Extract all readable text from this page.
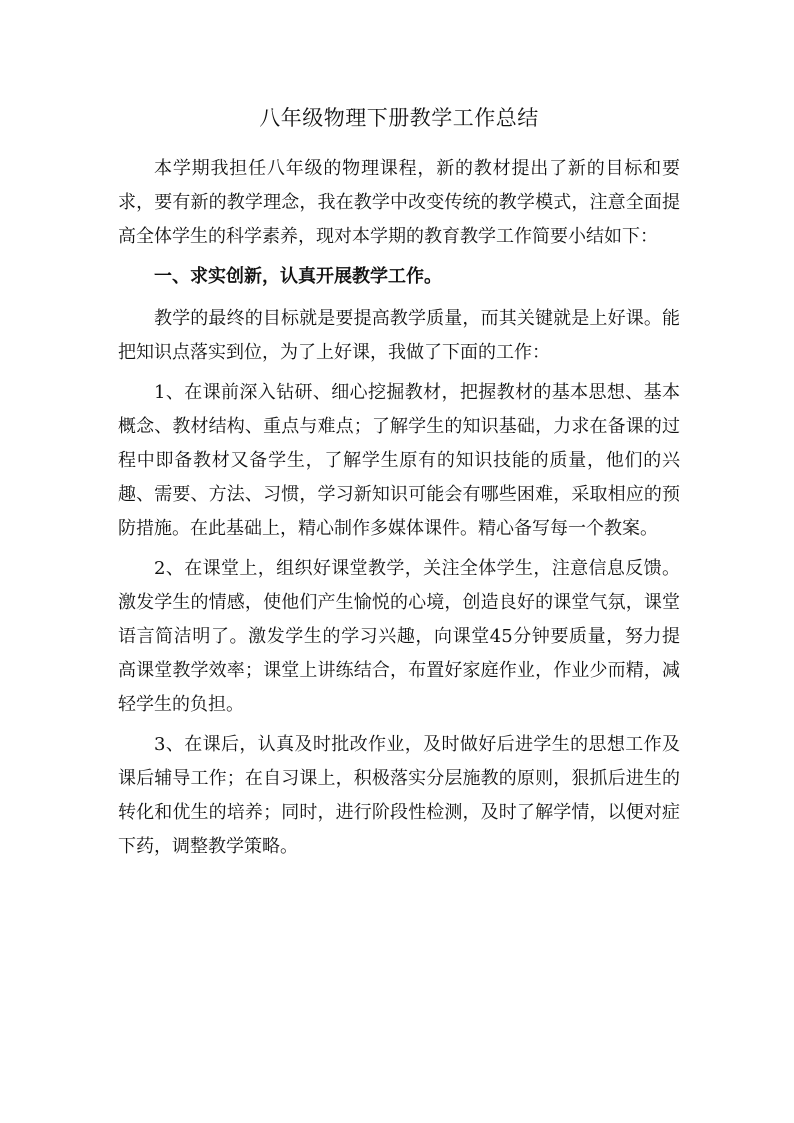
八年级物理下册教学工作总结

本学期我担任八年级的物理课程，新的教材提出了新的目标和要求，要有新的教学理念，我在教学中改变传统的教学模式，注意全面提高全体学生的科学素养，现对本学期的教育教学工作简要小结如下：

一、求实创新，认真开展教学工作。

教学的最终的目标就是要提高教学质量，而其关键就是上好课。能把知识点落实到位，为了上好课，我做了下面的工作：

1、在课前深入钻研、细心挖掘教材，把握教材的基本思想、基本概念、教材结构、重点与难点；了解学生的知识基础，力求在备课的过程中即备教材又备学生，了解学生原有的知识技能的质量，他们的兴趣、需要、方法、习惯，学习新知识可能会有哪些困难，采取相应的预防措施。在此基础上，精心制作多媒体课件。精心备写每一个教案。

2、在课堂上，组织好课堂教学，关注全体学生，注意信息反馈。激发学生的情感，使他们产生愉悦的心境，创造良好的课堂气氛，课堂语言简洁明了。激发学生的学习兴趣，向课堂45分钟要质量，努力提高课堂教学效率；课堂上讲练结合，布置好家庭作业，作业少而精，减轻学生的负担。

3、在课后，认真及时批改作业，及时做好后进学生的思想工作及课后辅导工作；在自习课上，积极落实分层施教的原则，狠抓后进生的转化和优生的培养；同时，进行阶段性检测，及时了解学情，以便对症下药，调整教学策略。
